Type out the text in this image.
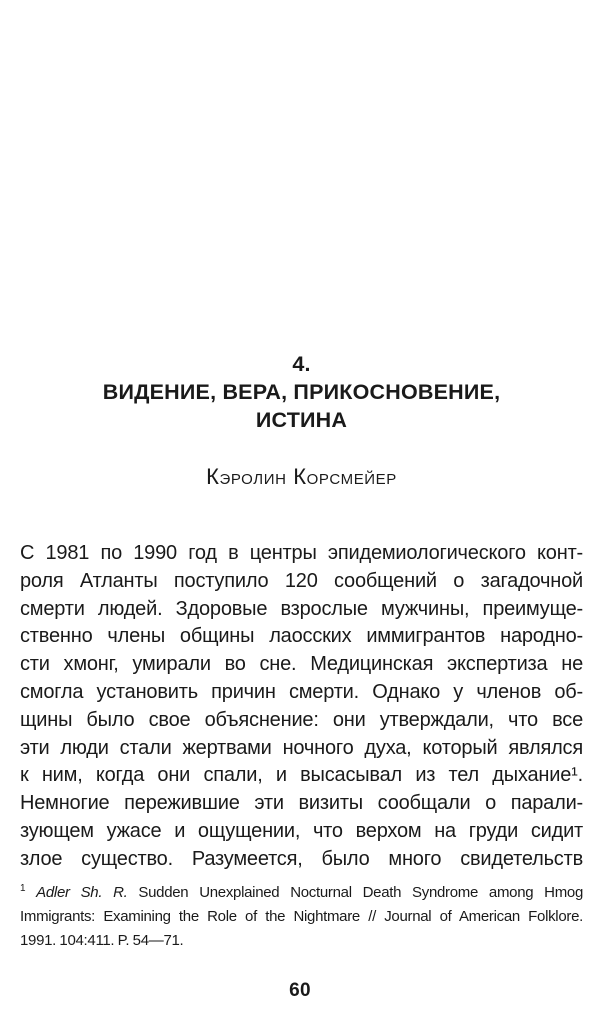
4.
ВИДЕНИЕ, ВЕРА, ПРИКОСНОВЕНИЕ,
ИСТИНА
Кэролин Корсмейер
С 1981 по 1990 год в центры эпидемиологического конт-
роля Атланты поступило 120 сообщений о загадочной
смерти людей. Здоровые взрослые мужчины, преимуще-
ственно члены общины лаосских иммигрантов народно-
сти хмонг, умирали во сне. Медицинская экспертиза не
смогла установить причин смерти. Однако у членов об-
щины было свое объяснение: они утверждали, что все
эти люди стали жертвами ночного духа, который являлся
к ним, когда они спали, и высасывал из тел дыхание¹.
Немногие пережившие эти визиты сообщали о парали-
зующем ужасе и ощущении, что верхом на груди сидит
злое существо. Разумеется, было много свидетельств
$^1$ Adler Sh. R. Sudden Unexplained Nocturnal Death Syndrome among Hmog
Immigrants: Examining the Role of the Nightmare // Journal of American Folklore.
1991. 104:411. P. 54—71.
60
